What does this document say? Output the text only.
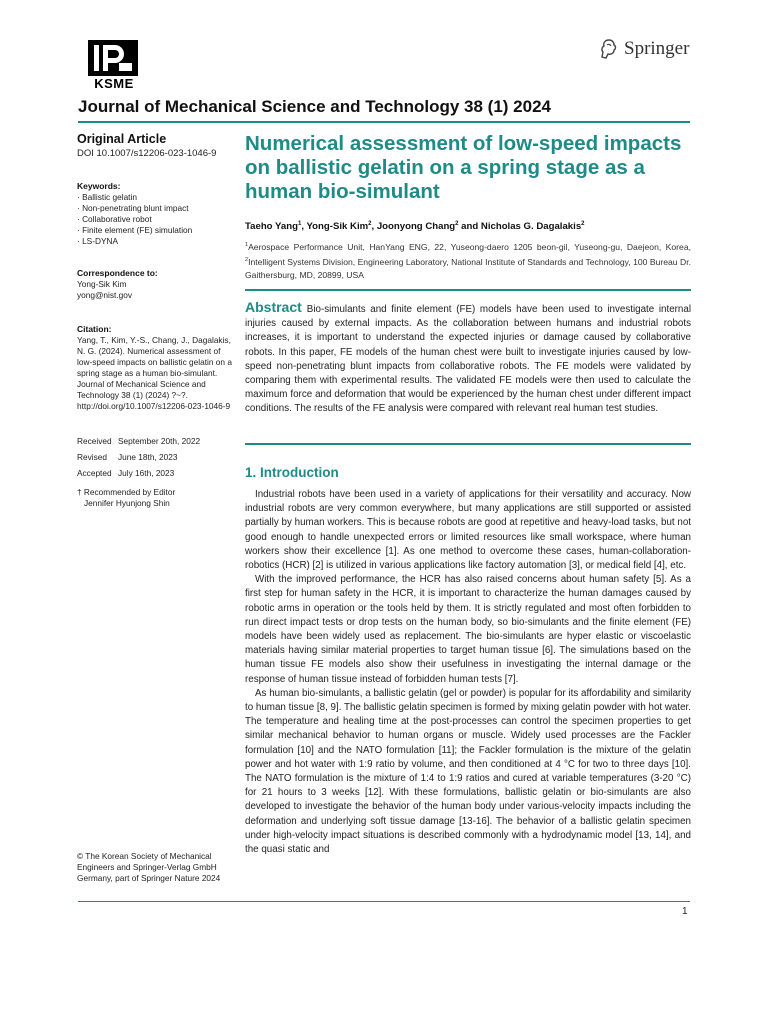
KSME
Springer
Journal of Mechanical Science and Technology 38 (1) 2024
Original Article
DOI 10.1007/s12206-023-1046-9
Keywords:
· Ballistic gelatin
· Non-penetrating blunt impact
· Collaborative robot
· Finite element (FE) simulation
· LS-DYNA
Correspondence to:
Yong-Sik Kim
yong@nist.gov
Citation:
Yang, T., Kim, Y.-S., Chang, J., Dagalakis,
N. G. (2024). Numerical assessment of
low-speed impacts on ballistic gelatin on a
spring stage as a human bio-simulant.
Journal of Mechanical Science and
Technology 38 (1) (2024) ?~?.
http://doi.org/10.1007/s12206-023-1046-9
Received September 20th, 2022
Revised	June 18th, 2023
Accepted July 16th, 2023
† Recommended by Editor
Jennifer Hyunjong Shin
© The Korean Society of Mechanical
Engineers and Springer-Verlag GmbH
Germany, part of Springer Nature 2024
Numerical assessment of low-speed impacts on ballistic gelatin on a spring stage as a human bio-simulant
Taeho Yang$^1$, Yong-Sik Kim$^2$, Joonyong Chang$^2$ and Nicholas G. Dagalakis$^2$
$^1$Aerospace Performance Unit, HanYang ENG, 22, Yuseong-daero 1205 beon-gil, Yuseong-gu, Daejeon, Korea, $^2$Intelligent Systems Division, Engineering Laboratory, National Institute of Standards and Technology, 100 Bureau Dr. Gaithersburg, MD, 20899, USA
Abstract Bio-simulants and finite element (FE) models have been used to investigate internal injuries caused by external impacts. As the collaboration between humans and industrial robots increases, it is important to understand the expected injuries or damage caused by collaborative robots. In this paper, FE models of the human chest were built to investigate injuries caused by low-speed non-penetrating blunt impacts from collaborative robots. The FE models were validated by comparing them with experimental results. The validated FE models were then used to calculate the maximum force and deformation that would be experienced by the human chest under different impact conditions. The results of the FE analysis were compared with relevant real human test studies.
1. Introduction

Industrial robots have been used in a variety of applications for their versatility and accuracy. Now industrial robots are very common everywhere, but many applications are still supported or assisted partially by human workers. This is because robots are good at repetitive and heavy-load tasks, but not good enough to handle unexpected errors or limited resources like small workspace, where human workers show their excellence [1]. As one method to overcome these cases, human-collaboration-robotics (HCR) [2] is utilized in various applications like factory automation [3], or medical field [4], etc.

With the improved performance, the HCR has also raised concerns about human safety [5]. As a first step for human safety in the HCR, it is important to characterize the human damages caused by robotic arms in operation or the tools held by them. It is strictly regulated and most often forbidden to run direct impact tests or drop tests on the human body, so bio-simulants and the finite element (FE) models have been widely used as replacement. The bio-simulants are hyper elastic or viscoelastic materials having similar material properties to target human tissue [6]. The simulations based on the human tissue FE models also show their usefulness in investigating the internal damage or the response of human tissue instead of forbidden human tests [7].

As human bio-simulants, a ballistic gelatin (gel or powder) is popular for its affordability and similarity to human tissue [8, 9]. The ballistic gelatin specimen is formed by mixing gelatin powder with hot water. The temperature and healing time at the post-processes can control the specimen properties to get similar mechanical behavior to human organs or muscle. Widely used processes are the Fackler formulation [10] and the NATO formulation [11]; the Fackler formulation is the mixture of the gelatin power and hot water with 1:9 ratio by volume, and then conditioned at 4 °C for two to three days [10]. The NATO formulation is the mixture of 1:4 to 1:9 ratios and cured at variable temperatures (3-20 °C) for 21 hours to 3 weeks [12]. With these formulations, ballistic gelatin or bio-simulants are also developed to investigate the behavior of the human body under various-velocity impacts including the deformation and underlying soft tissue damage [13-16]. The behavior of a ballistic gelatin specimen under high-velocity impact situations is described commonly with a hydrodynamic model [13, 14], and the quasi static and

1
